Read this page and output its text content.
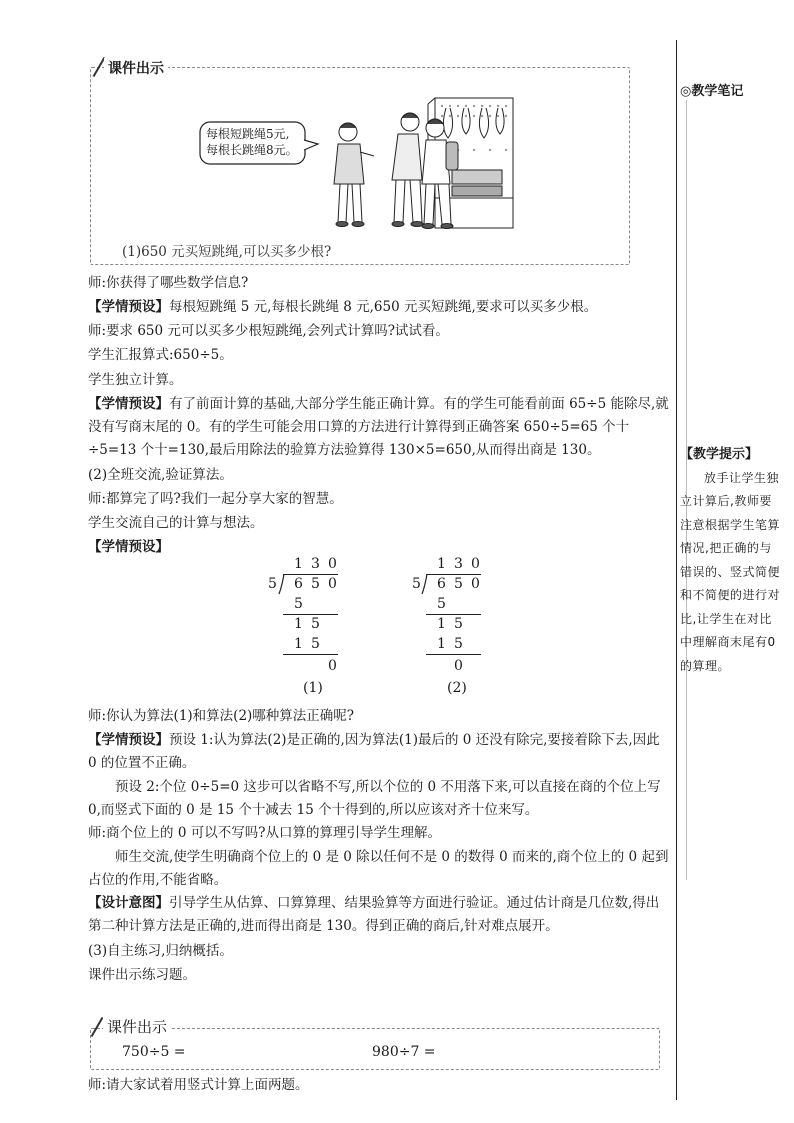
◎教学笔记
【教学提示】
放手让学生独立计算后,教师要注意根据学生笔算情况,把正确的与错误的、竖式简便和不简便的进行对比,让学生在对比中理解商末尾有0的算理。
课件出示
每根短跳绳5元,
每根长跳绳8元。
(1)650 元买短跳绳,可以买多少根?
师:你获得了哪些数学信息?
【学情预设】每根短跳绳 5 元,每根长跳绳 8 元,650 元买短跳绳,要求可以买多少根。
师:要求 650 元可以买多少根短跳绳,会列式计算吗?试试看。
学生汇报算式:650÷5。
学生独立计算。
【学情预设】有了前面计算的基础,大部分学生能正确计算。有的学生可能看前面 65÷5 能除尽,就没有写商末尾的 0。有的学生可能会用口算的方法进行计算得到正确答案 650÷5=65 个十÷5=13 个十=130,最后用除法的验算方法验算得 130×5=650,从而得出商是 130。
(2)全班交流,验证算法。
师:都算完了吗?我们一起分享大家的智慧。
学生交流自己的计算与想法。
【学情预设】
1 3 0
5 6 5 0
5
1 5
1 5
0
(1)
1 3 0
5 6 5 0
5
1 5
1 5
0
(2)
师:你认为算法(1)和算法(2)哪种算法正确呢?
【学情预设】预设 1:认为算法(2)是正确的,因为算法(1)最后的 0 还没有除完,要接着除下去,因此 0 的位置不正确。
预设 2:个位 0÷5=0 这步可以省略不写,所以个位的 0 不用落下来,可以直接在商的个位上写 0,而竖式下面的 0 是 15 个十减去 15 个十得到的,所以应该对齐十位来写。
师:商个位上的 0 可以不写吗?从口算的算理引导学生理解。
师生交流,使学生明确商个位上的 0 是 0 除以任何不是 0 的数得 0 而来的,商个位上的 0 起到占位的作用,不能省略。
【设计意图】引导学生从估算、口算算理、结果验算等方面进行验证。通过估计商是几位数,得出第二种计算方法是正确的,进而得出商是 130。得到正确的商后,针对难点展开。
(3)自主练习,归纳概括。
课件出示练习题。
课件出示
750÷5 =	980÷7 =
师:请大家试着用竖式计算上面两题。
